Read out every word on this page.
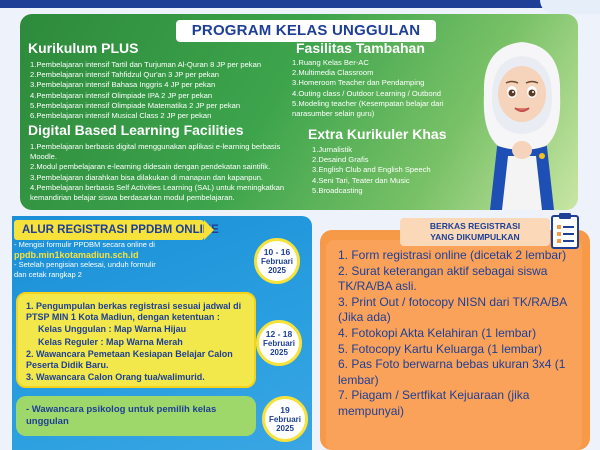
PROGRAM KELAS UNGGULAN
Kurikulum PLUS
1.Pembelajaran intensif Tartil dan Turjuman Al-Quran 8 JP per pekan
2.Pembelajaran intensif Tahfidzul Qur'an 3 JP per pekan
3.Pembelajaran intensif Bahasa Inggris 4 JP per pekan
4.Pembelajaran intensif Olimpiade IPA 2 JP per pekan
5.Pembelajaran intensif Olimpiade Matematika 2 JP per pekan
6.Pembelajaran intensif Musical Class 2 JP per pekan
Digital Based Learning Facilities
1.Pembelajaran berbasis digital menggunakan aplikasi e-learning berbasis Moodle.
2.Modul pembelajaran e-learning didesain dengan pendekatan saintifik.
3.Pembelajaran diarahkan bisa dilakukan di manapun dan kapanpun.
4.Pembelajaran berbasis Self Activities Learning (SAL) untuk meningkatkan kemandirian belajar siswa berdasarkan modul pembelajaran.
Fasilitas Tambahan
1.Ruang Kelas Ber-AC
2.Multimedia Classroom
3.Homeroom Teacher dan Pendamping
4.Outing class / Outdoor Learning / Outbond
5.Modeling teacher (Kesempatan belajar dari narasumber selain guru)
Extra Kurikuler Khas
1.Jurnalistik
2.Desaind Grafis
3.English Club and English Speech
4.Seni Tari, Teater dan Music
5.Broadcasting
ALUR REGISTRASI PPDBM ONLINE
- Mengisi formulir PPDBM secara online di
ppdb.min1kotamadiun.sch.id
- Setelah pengisian selesai, unduh formulir
dan cetak rangkap 2
10 - 16
Februari
2025
1. Pengumpulan berkas registrasi sesuai jadwal di PTSP MIN 1 Kota Madiun, dengan ketentuan :
Kelas Unggulan : Map Warna Hijau
Kelas Reguler : Map Warna Merah
2. Wawancara Pemetaan Kesiapan Belajar Calon Peserta Didik Baru.
3. Wawancara Calon Orang tua/walimurid.
12 - 18
Februari
2025
- Wawancara psikolog untuk pemilih kelas unggulan
19
Februari
2025
BERKAS REGISTRASI
YANG DIKUMPULKAN
1. Form registrasi online (dicetak 2 lembar)
2. Surat keterangan aktif sebagai siswa TK/RA/BA asli.
3. Print Out / fotocopy NISN dari TK/RA/BA (Jika ada)
4. Fotokopi Akta Kelahiran (1 lembar)
5. Fotocopy Kartu Keluarga (1 lembar)
6. Pas Foto berwarna bebas ukuran 3x4 (1 lembar)
7. Piagam / Sertfikat Kejuaraan (jika mempunyai)
